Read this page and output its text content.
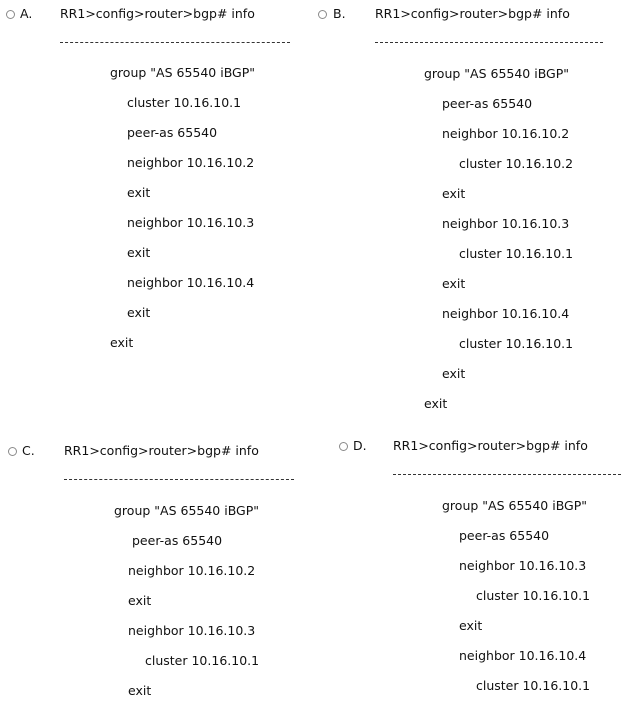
A. RR1>config>router>bgp# info
group "AS 65540 iBGP"
cluster 10.16.10.1
peer-as 65540
neighbor 10.16.10.2
exit
neighbor 10.16.10.3
exit
neighbor 10.16.10.4
exit
exit
B. RR1>config>router>bgp# info
group "AS 65540 iBGP"
peer-as 65540
neighbor 10.16.10.2
cluster 10.16.10.2
exit
neighbor 10.16.10.3
cluster 10.16.10.1
exit
neighbor 10.16.10.4
cluster 10.16.10.1
exit
exit
C. RR1>config>router>bgp# info
group "AS 65540 iBGP"
peer-as 65540
neighbor 10.16.10.2
exit
neighbor 10.16.10.3
cluster 10.16.10.1
exit
D. RR1>config>router>bgp# info
group "AS 65540 iBGP"
peer-as 65540
neighbor 10.16.10.3
cluster 10.16.10.1
exit
neighbor 10.16.10.4
cluster 10.16.10.1
